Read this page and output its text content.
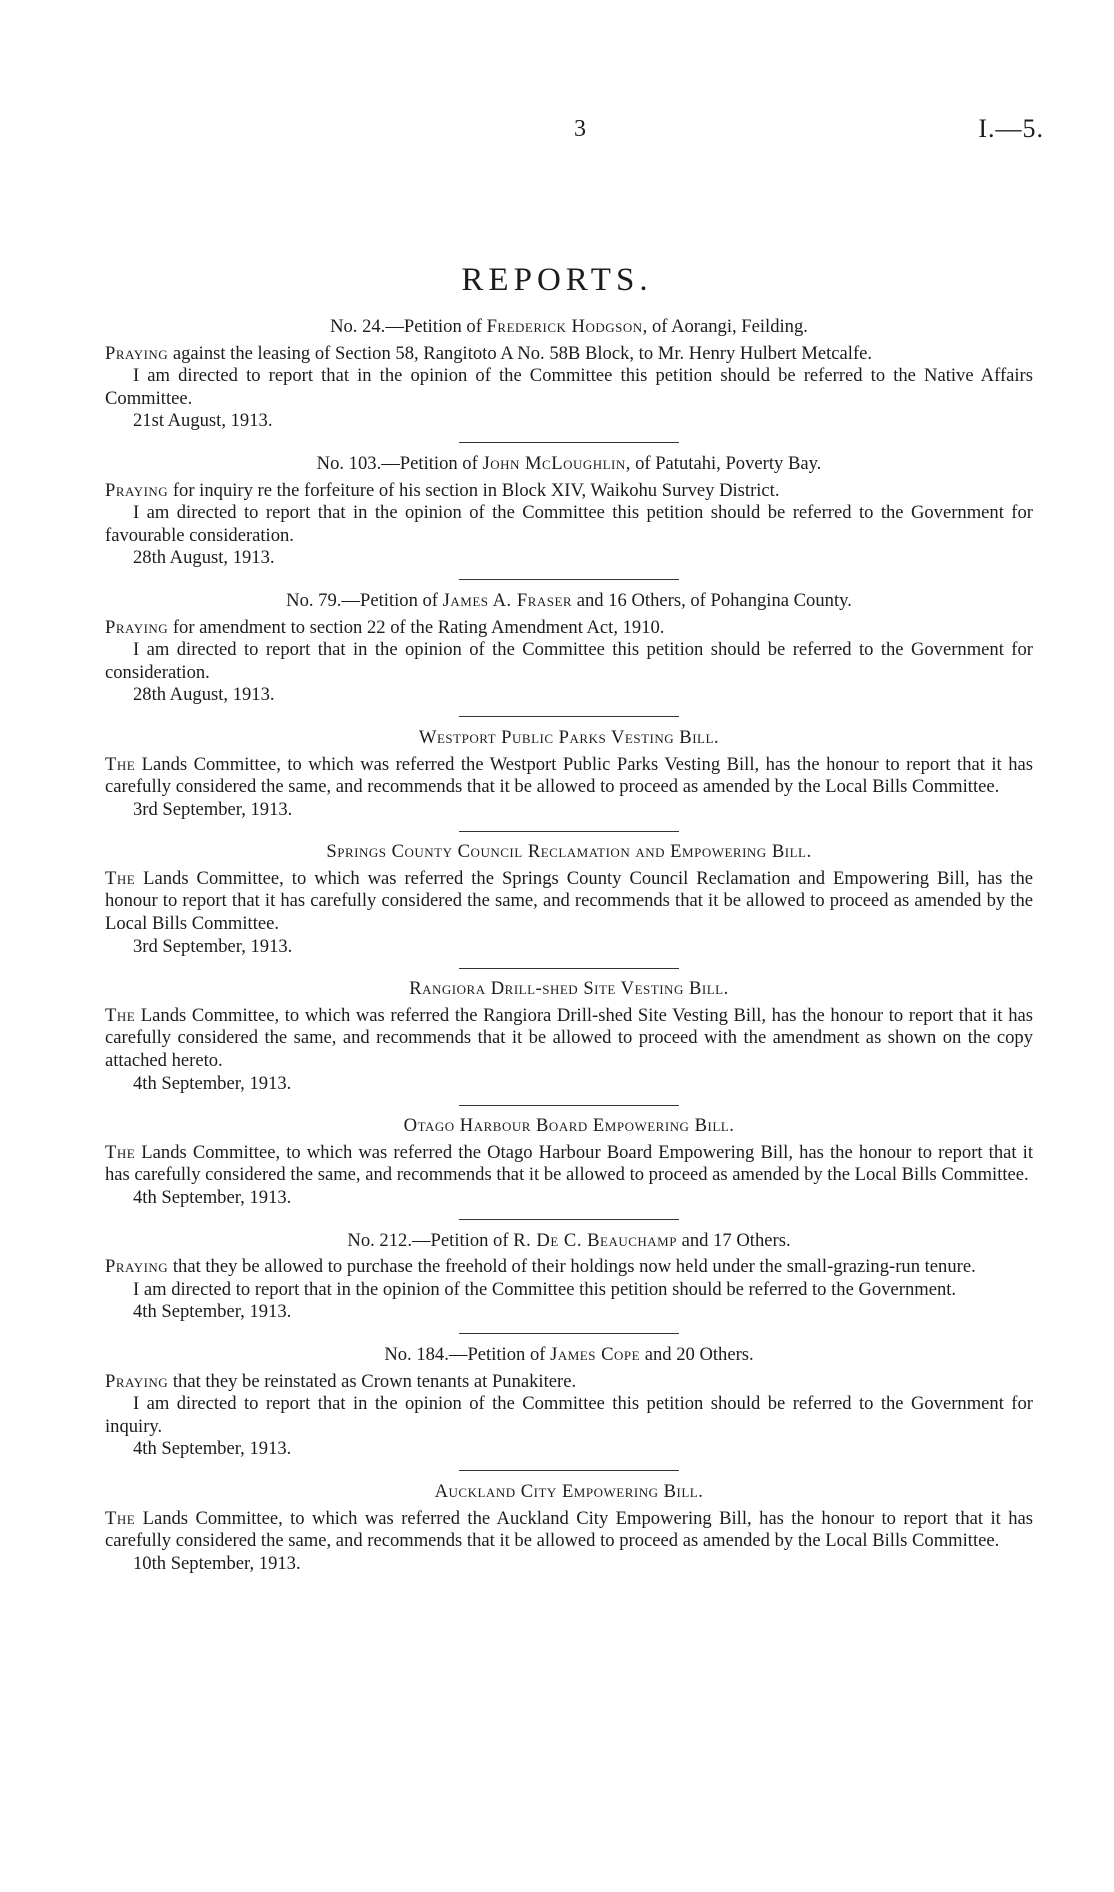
3	I.—5.
REPORTS.
No. 24.—Petition of Frederick Hodgson, of Aorangi, Feilding.

Praying against the leasing of Section 58, Rangitoto A No. 58B Block, to Mr. Henry Hulbert Metcalfe.

I am directed to report that in the opinion of the Committee this petition should be referred to the Native Affairs Committee.

21st August, 1913.
No. 103.—Petition of John McLoughlin, of Patutahi, Poverty Bay.

Praying for inquiry re the forfeiture of his section in Block XIV, Waikohu Survey District.

I am directed to report that in the opinion of the Committee this petition should be referred to the Government for favourable consideration.

28th August, 1913.
No. 79.—Petition of James A. Fraser and 16 Others, of Pohangina County.

Praying for amendment to section 22 of the Rating Amendment Act, 1910.

I am directed to report that in the opinion of the Committee this petition should be referred to the Government for consideration.

28th August, 1913.
Westport Public Parks Vesting Bill.

The Lands Committee, to which was referred the Westport Public Parks Vesting Bill, has the honour to report that it has carefully considered the same, and recommends that it be allowed to proceed as amended by the Local Bills Committee.

3rd September, 1913.
Springs County Council Reclamation and Empowering Bill.

The Lands Committee, to which was referred the Springs County Council Reclamation and Empowering Bill, has the honour to report that it has carefully considered the same, and recommends that it be allowed to proceed as amended by the Local Bills Committee.

3rd September, 1913.
Rangiora Drill-shed Site Vesting Bill.

The Lands Committee, to which was referred the Rangiora Drill-shed Site Vesting Bill, has the honour to report that it has carefully considered the same, and recommends that it be allowed to proceed with the amendment as shown on the copy attached hereto.

4th September, 1913.
Otago Harbour Board Empowering Bill.

The Lands Committee, to which was referred the Otago Harbour Board Empowering Bill, has the honour to report that it has carefully considered the same, and recommends that it be allowed to proceed as amended by the Local Bills Committee.

4th September, 1913.
No. 212.—Petition of R. De C. Beauchamp and 17 Others.

Praying that they be allowed to purchase the freehold of their holdings now held under the small-grazing-run tenure.

I am directed to report that in the opinion of the Committee this petition should be referred to the Government.

4th September, 1913.
No. 184.—Petition of James Cope and 20 Others.

Praying that they be reinstated as Crown tenants at Punakitere.

I am directed to report that in the opinion of the Committee this petition should be referred to the Government for inquiry.

4th September, 1913.
Auckland City Empowering Bill.

The Lands Committee, to which was referred the Auckland City Empowering Bill, has the honour to report that it has carefully considered the same, and recommends that it be allowed to proceed as amended by the Local Bills Committee.

10th September, 1913.
